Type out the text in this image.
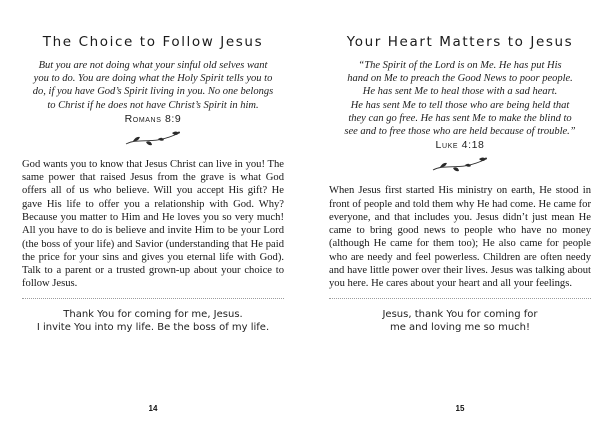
The Choice to Follow Jesus

But you are not doing what your sinful old selves want
you to do. You are doing what the Holy Spirit tells you to
do, if you have God’s Spirit living in you. No one belongs
to Christ if he does not have Christ’s Spirit in him.

Romans 8:9

God wants you to know that Jesus Christ can live in you! The same power that raised Jesus from the grave is what God offers all of us who believe. Will you accept His gift? He gave His life to offer you a relationship with God. Why? Because you matter to Him and He loves you so very much! All you have to do is believe and invite Him to be your Lord (the boss of your life) and Savior (understanding that He paid the price for your sins and gives you eternal life with God). Talk to a parent or a trusted grown-up about your choice to follow Jesus.

Thank You for coming for me, Jesus.
I invite You into my life. Be the boss of my life.

14
Your Heart Matters to Jesus

“The Spirit of the Lord is on Me. He has put His
hand on Me to preach the Good News to poor people.
He has sent Me to heal those with a sad heart.
He has sent Me to tell those who are being held that
they can go free. He has sent Me to make the blind to
see and to free those who are held because of trouble.”

Luke 4:18

When Jesus first started His ministry on earth, He stood in front of people and told them why He had come. He came for everyone, and that includes you. Jesus didn’t just mean He came to bring good news to people who have no money (although He came for them too); He also came for people who are needy and feel powerless. Children are often needy and have little power over their lives. Jesus was talking about you here. He cares about your heart and all your feelings.

Jesus, thank You for coming for
me and loving me so much!

15
